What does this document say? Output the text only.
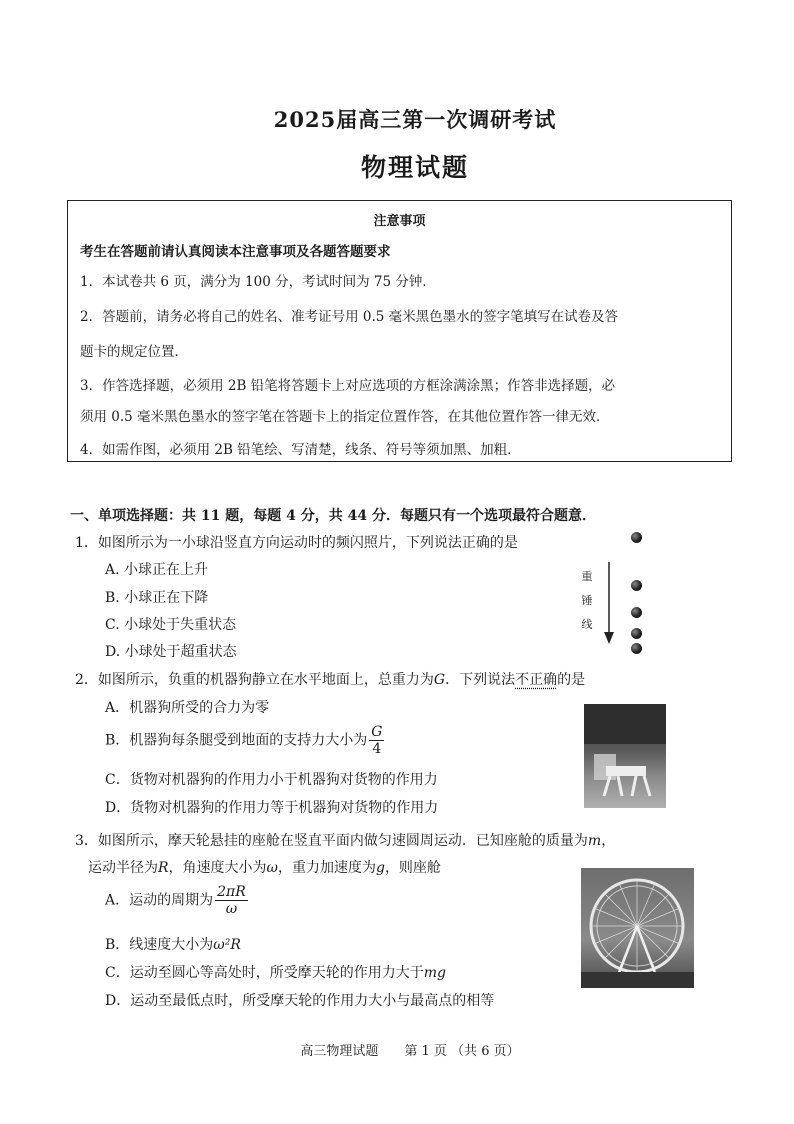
2025届高三第一次调研考试
物理试题
注意事项
考生在答题前请认真阅读本注意事项及各题答题要求
1．本试卷共 6 页，满分为 100 分，考试时间为 75 分钟．
2．答题前，请务必将自己的姓名、准考证号用 0.5 毫米黑色墨水的签字笔填写在试卷及答
题卡的规定位置．
3．作答选择题，必须用 2B 铅笔将答题卡上对应选项的方框涂满涂黑；作答非选择题，必
须用 0.5 毫米黑色墨水的签字笔在答题卡上的指定位置作答，在其他位置作答一律无效．
4．如需作图，必须用 2B 铅笔绘、写清楚，线条、符号等须加黑、加粗．
一、单项选择题：共 11 题，每题 4 分，共 44 分．每题只有一个选项最符合题意．
1．如图所示为一小球沿竖直方向运动时的频闪照片，下列说法正确的是
A. 小球正在上升
B. 小球正在下降
C. 小球处于失重状态
D. 小球处于超重状态
重
锤
线
2．如图所示，负重的机器狗静立在水平地面上，总重力为G．下列说法不正确的是
A．机器狗所受的合力为零
B．机器狗每条腿受到地面的支持力大小为 $\frac{G}{4}$
C．货物对机器狗的作用力小于机器狗对货物的作用力
D．货物对机器狗的作用力等于机器狗对货物的作用力
3．如图所示，摩天轮悬挂的座舱在竖直平面内做匀速圆周运动．已知座舱的质量为m，
运动半径为R，角速度大小为ω，重力加速度为g，则座舱
A．运动的周期为 $\frac{2\pi R}{\omega}$
B．线速度大小为ω²R
C．运动至圆心等高处时，所受摩天轮的作用力大于mg
D．运动至最低点时，所受摩天轮的作用力大小与最高点的相等
高三物理试题　　第 1 页 （共 6 页）
